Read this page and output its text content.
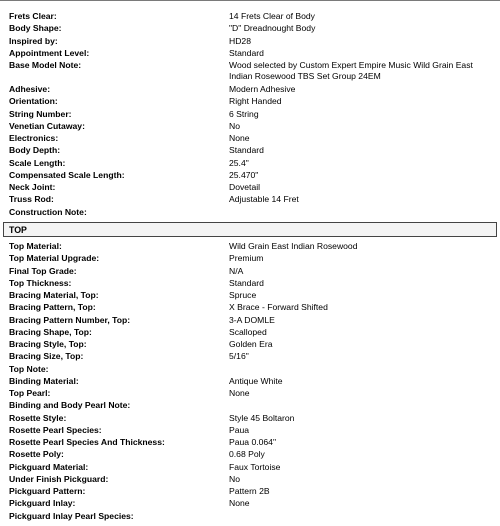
Frets Clear:	14 Frets Clear of Body
Body Shape:	"D" Dreadnought Body
Inspired by:	HD28
Appointment Level:	Standard
Base Model Note:	Wood selected by Custom Expert Empire Music Wild Grain East Indian Rosewood TBS Set Group 24EM
Adhesive:	Modern Adhesive
Orientation:	Right Handed
String Number:	6 String
Venetian Cutaway:	No
Electronics:	None
Body Depth:	Standard
Scale Length:	25.4"
Compensated Scale Length:	25.470"
Neck Joint:	Dovetail
Truss Rod:	Adjustable 14 Fret
Construction Note:
TOP
Top Material:	Wild Grain East Indian Rosewood
Top Material Upgrade:	Premium
Final Top Grade:	N/A
Top Thickness:	Standard
Bracing Material, Top:	Spruce
Bracing Pattern, Top:	X Brace - Forward Shifted
Bracing Pattern Number, Top:	3-A DOMLE
Bracing Shape, Top:	Scalloped
Bracing Style, Top:	Golden Era
Bracing Size, Top:	5/16"
Top Note:
Binding Material:	Antique White
Top Pearl:	None
Binding and Body Pearl Note:
Rosette Style:	Style 45 Boltaron
Rosette Pearl Species:	Paua
Rosette Pearl Species And Thickness:	Paua 0.064"
Rosette Poly:	0.68 Poly
Pickguard Material:	Faux Tortoise
Under Finish Pickguard:	No
Pickguard Pattern:	Pattern 2B
Pickguard Inlay:	None
Pickguard Inlay Pearl Species:
